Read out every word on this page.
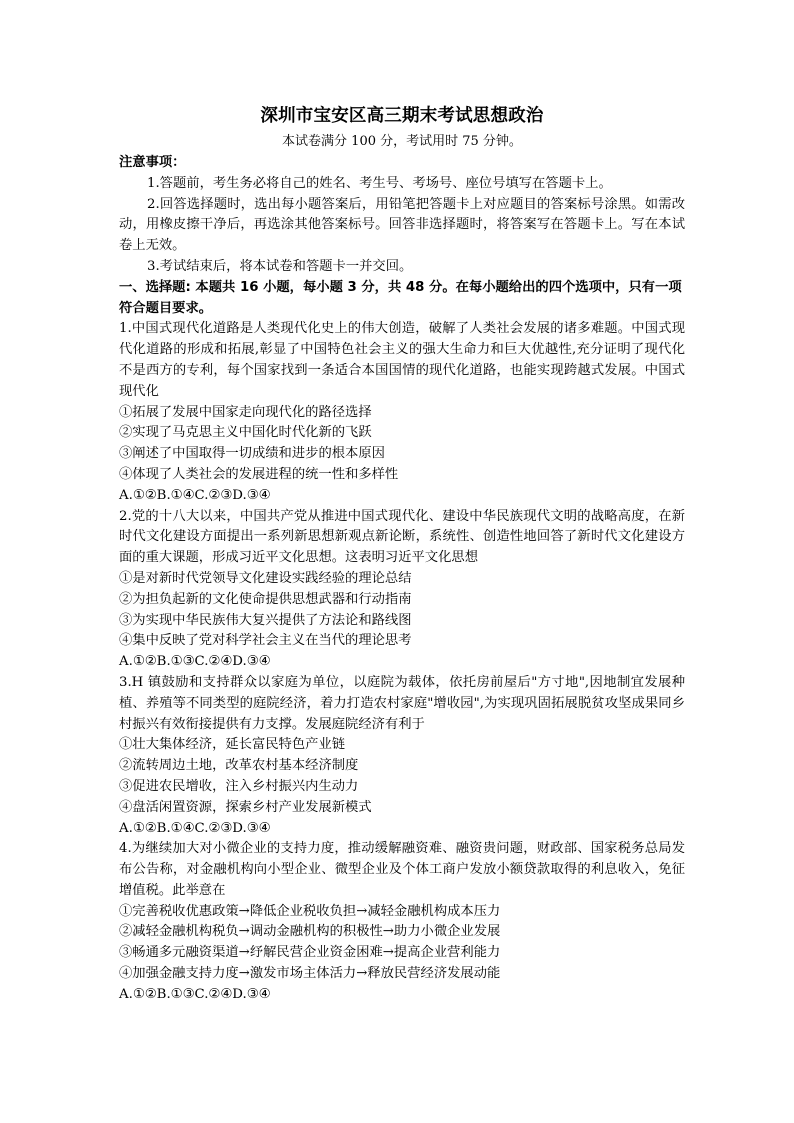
深圳市宝安区高三期末考试思想政治
本试卷满分 100 分，考试用时 75 分钟。
注意事项：
1.答题前，考生务必将自己的姓名、考生号、考场号、座位号填写在答题卡上。
2.回答选择题时，选出每小题答案后，用铅笔把答题卡上对应题目的答案标号涂黑。如需改动，用橡皮擦干净后，再选涂其他答案标号。回答非选择题时，将答案写在答题卡上。写在本试卷上无效。
3.考试结束后，将本试卷和答题卡一并交回。
一、选择题: 本题共 16 小题，每小题 3 分，共 48 分。在每小题给出的四个选项中，只有一项符合题目要求。
1.中国式现代化道路是人类现代化史上的伟大创造，破解了人类社会发展的诸多难题。中国式现代化道路的形成和拓展,彰显了中国特色社会主义的强大生命力和巨大优越性,充分证明了现代化不是西方的专利，每个国家找到一条适合本国国情的现代化道路，也能实现跨越式发展。中国式现代化
①拓展了发展中国家走向现代化的路径选择
②实现了马克思主义中国化时代化新的飞跃
③阐述了中国取得一切成绩和进步的根本原因
④体现了人类社会的发展进程的统一性和多样性
A.①②B.①④C.②③D.③④
2.党的十八大以来，中国共产党从推进中国式现代化、建设中华民族现代文明的战略高度，在新时代文化建设方面提出一系列新思想新观点新论断，系统性、创造性地回答了新时代文化建设方面的重大课题，形成习近平文化思想。这表明习近平文化思想
①是对新时代党领导文化建设实践经验的理论总结
②为担负起新的文化使命提供思想武器和行动指南
③为实现中华民族伟大复兴提供了方法论和路线图
④集中反映了党对科学社会主义在当代的理论思考
A.①②B.①③C.②④D.③④
3.H 镇鼓励和支持群众以家庭为单位，以庭院为载体，依托房前屋后"方寸地",因地制宜发展种植、养殖等不同类型的庭院经济，着力打造农村家庭"增收园",为实现巩固拓展脱贫攻坚成果同乡村振兴有效衔接提供有力支撑。发展庭院经济有利于
①壮大集体经济，延长富民特色产业链
②流转周边土地，改革农村基本经济制度
③促进农民增收，注入乡村振兴内生动力
④盘活闲置资源，探索乡村产业发展新模式
A.①②B.①④C.②③D.③④
4.为继续加大对小微企业的支持力度，推动缓解融资难、融资贵问题，财政部、国家税务总局发布公告称，对金融机构向小型企业、微型企业及个体工商户发放小额贷款取得的利息收入，免征增值税。此举意在
①完善税收优惠政策→降低企业税收负担→减轻金融机构成本压力
②减轻金融机构税负→调动金融机构的积极性→助力小微企业发展
③畅通多元融资渠道→纾解民营企业资金困难→提高企业营利能力
④加强金融支持力度→激发市场主体活力→释放民营经济发展动能
A.①②B.①③C.②④D.③④
